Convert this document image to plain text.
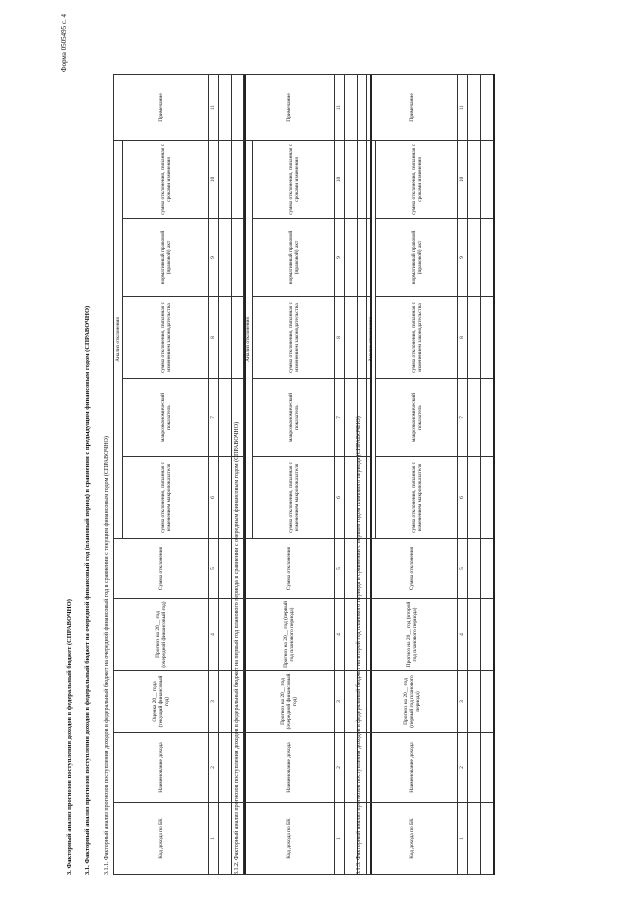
Форма 0505495 с. 4
3. Факторный анализ прогнозов поступления доходов в федеральный бюджет (СПРАВОЧНО) 3.1. Факторный анализ прогнозов поступления доходов в федеральный бюджет на очередной финансовый год (плановый период) в сравнении с предыдущим финансовым годом (СПРАВОЧНО) 3.1.1. Факторный анализ прогнозов поступления доходов в федеральный бюджет на очередной финансовый год в сравнении с текущим финансовым годом (СПРАВОЧНО)	Код дохода по БК	Наименование дохода	Оценка 20__ года (текущий финансовый год)	Прогноз на 20__ год (очередной финансовый год)	Сумма отклонения	Анализ отклонения					Примечание
					сумма отклонения, связанная с изменением макропоказателя	макроэкономический показатель	сумма отклонения, связанная с изменением законодательства	нормативный правовой (правовой) акт	сумма отклонения, связанная с сроками изменения	
1	2	3	4	5	6	7	8	9	10	11

3.1.2. Факторный анализ прогнозов поступления доходов в федеральный бюджет на первый год планового периода в сравнении с очередным финансовым годом (СПРАВОЧНО)	Код дохода по БК	Наименование дохода	Прогноз на 20__ год (очередной финансовый год)	Прогноз на 20__ год (первый год планового периода)	Сумма отклонения	Анализ отклонения					Примечание
					сумма отклонения, связанная с изменением макропоказателя	макроэкономический показатель	сумма отклонения, связанная с изменением законодательства	нормативный правовой (правовой) акт	сумма отклонения, связанная с сроками изменения	
1	2	3	4	5	6	7	8	9	10	11

3.1.3. Факторный анализ прогнозов поступления доходов в федеральный бюджет на второй год планового периода в сравнении с первым годом планового периода (СПРАВОЧНО)	Код дохода по БК	Наименование дохода	Прогноз на 20__ год (первый год планового периода)	Прогноз на 20__ год (второй год планового периода)	Сумма отклонения	Анализ отклонения					Примечание
					сумма отклонения, связанная с изменением макропоказателя	макроэкономический показатель	сумма отклонения, связанная с изменением законодательства	нормативный правовой (правовой) акт	сумма отклонения, связанная с сроками изменения	
1	2	3	4	5	6	7	8	9	10	11
